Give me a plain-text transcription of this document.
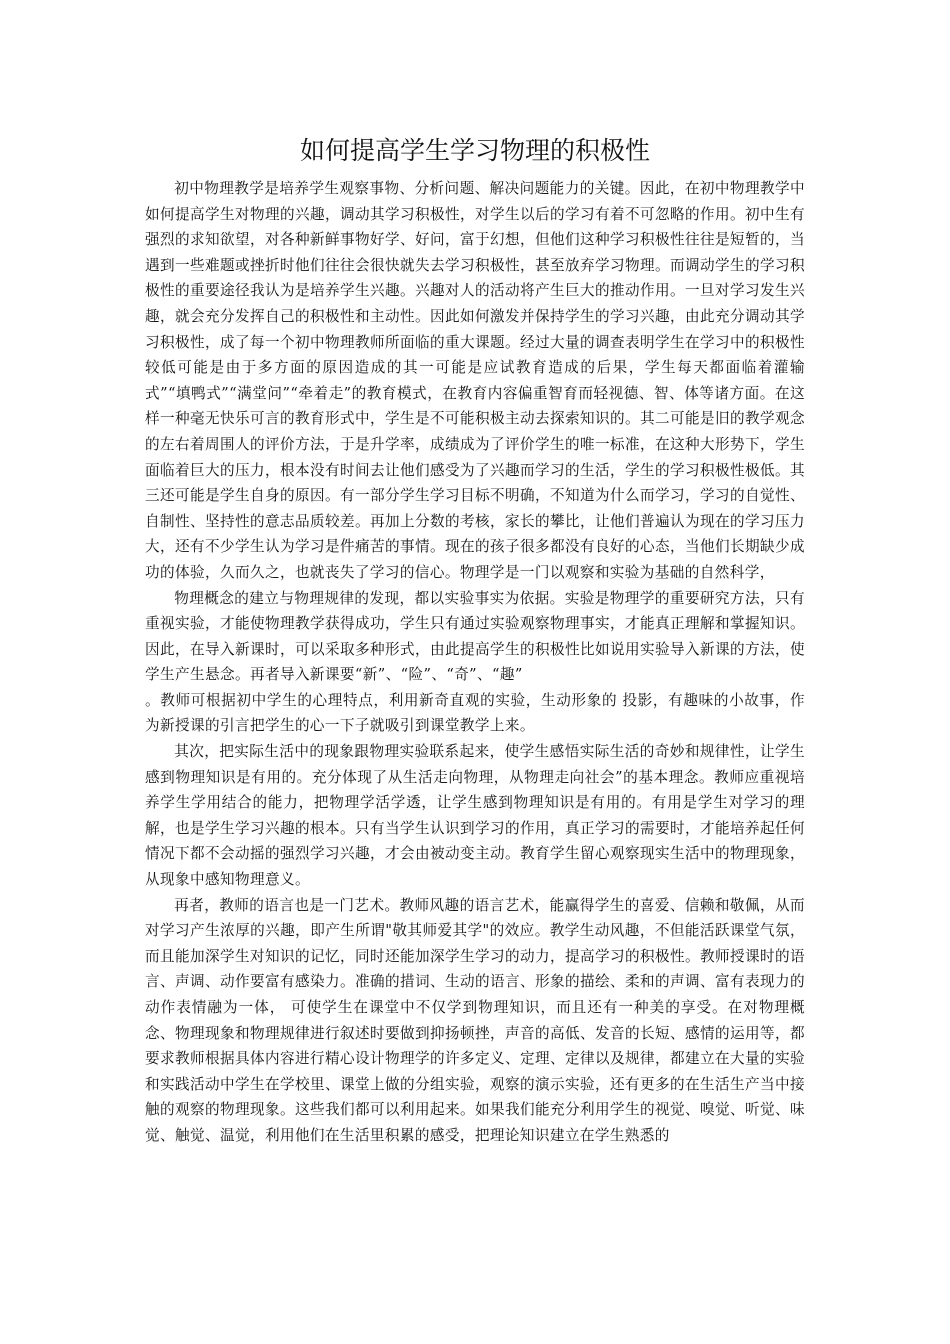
如何提高学生学习物理的积极性

初中物理教学是培养学生观察事物、分析问题、解决问题能力的关键。因此，在初中物理教学中如何提高学生对物理的兴趣，调动其学习积极性，对学生以后的学习有着不可忽略的作用。初中生有强烈的求知欲望，对各种新鲜事物好学、好问，富于幻想，但他们这种学习积极性往往是短暂的，当遇到一些难题或挫折时他们往往会很快就失去学习积极性，甚至放弃学习物理。而调动学生的学习积极性的重要途径我认为是培养学生兴趣。兴趣对人的活动将产生巨大的推动作用。一旦对学习发生兴趣，就会充分发挥自己的积极性和主动性。因此如何激发并保持学生的学习兴趣，由此充分调动其学习积极性，成了每一个初中物理教师所面临的重大课题。经过大量的调查表明学生在学习中的积极性较低可能是由于多方面的原因造成的其一可能是应试教育造成的后果，学生每天都面临着灌输式”“填鸭式”“满堂问”“牵着走”的教育模式，在教育内容偏重智育而轻视德、智、体等诸方面。在这样一种毫无快乐可言的教育形式中，学生是不可能积极主动去探索知识的。其二可能是旧的教学观念的左右着周围人的评价方法，于是升学率，成绩成为了评价学生的唯一标准，在这种大形势下，学生面临着巨大的压力，根本没有时间去让他们感受为了兴趣而学习的生活，学生的学习积极性极低。其三还可能是学生自身的原因。有一部分学生学习目标不明确，不知道为什么而学习，学习的自觉性、自制性、坚持性的意志品质较差。再加上分数的考核，家长的攀比，让他们普遍认为现在的学习压力大，还有不少学生认为学习是件痛苦的事情。现在的孩子很多都没有良好的心态，当他们长期缺少成功的体验，久而久之，也就丧失了学习的信心。物理学是一门以观察和实验为基础的自然科学，

物理概念的建立与物理规律的发现，都以实验事实为依据。实验是物理学的重要研究方法，只有重视实验，才能使物理教学获得成功，学生只有通过实验观察物理事实，才能真正理解和掌握知识。因此，在导入新课时，可以采取多种形式，由此提高学生的积极性比如说用实验导入新课的方法，使学生产生悬念。再者导入新课要“新”、“险”、“奇”、“趣”

。教师可根据初中学生的心理特点，利用新奇直观的实验，生动形象的 投影，有趣味的小故事，作为新授课的引言把学生的心一下子就吸引到课堂教学上来。

其次，把实际生活中的现象跟物理实验联系起来，使学生感悟实际生活的奇妙和规律性，让学生感到物理知识是有用的。充分体现了从生活走向物理，从物理走向社会”的基本理念。教师应重视培养学生学用结合的能力，把物理学活学透，让学生感到物理知识是有用的。有用是学生对学习的理解，也是学生学习兴趣的根本。只有当学生认识到学习的作用，真正学习的需要时，才能培养起任何情况下都不会动摇的强烈学习兴趣，才会由被动变主动。教育学生留心观察现实生活中的物理现象，从现象中感知物理意义。

再者，教师的语言也是一门艺术。教师风趣的语言艺术，能赢得学生的喜爱、信赖和敬佩，从而对学习产生浓厚的兴趣，即产生所谓"敬其师爱其学"的效应。教学生动风趣，不但能活跃课堂气氛，而且能加深学生对知识的记忆，同时还能加深学生学习的动力，提高学习的积极性。教师授课时的语言、声调、动作要富有感染力。准确的措词、生动的语言、形象的描绘、柔和的声调、富有表现力的动作表情融为一体， 可使学生在课堂中不仅学到物理知识，而且还有一种美的享受。在对物理概念、物理现象和物理规律进行叙述时要做到抑扬顿挫，声音的高低、发音的长短、感情的运用等，都要求教师根据具体内容进行精心设计物理学的许多定义、定理、定律以及规律，都建立在大量的实验和实践活动中学生在学校里、课堂上做的分组实验，观察的演示实验，还有更多的在生活生产当中接触的观察的物理现象。这些我们都可以利用起来。如果我们能充分利用学生的视觉、嗅觉、听觉、味觉、触觉、温觉，利用他们在生活里积累的感受，把理论知识建立在学生熟悉的
